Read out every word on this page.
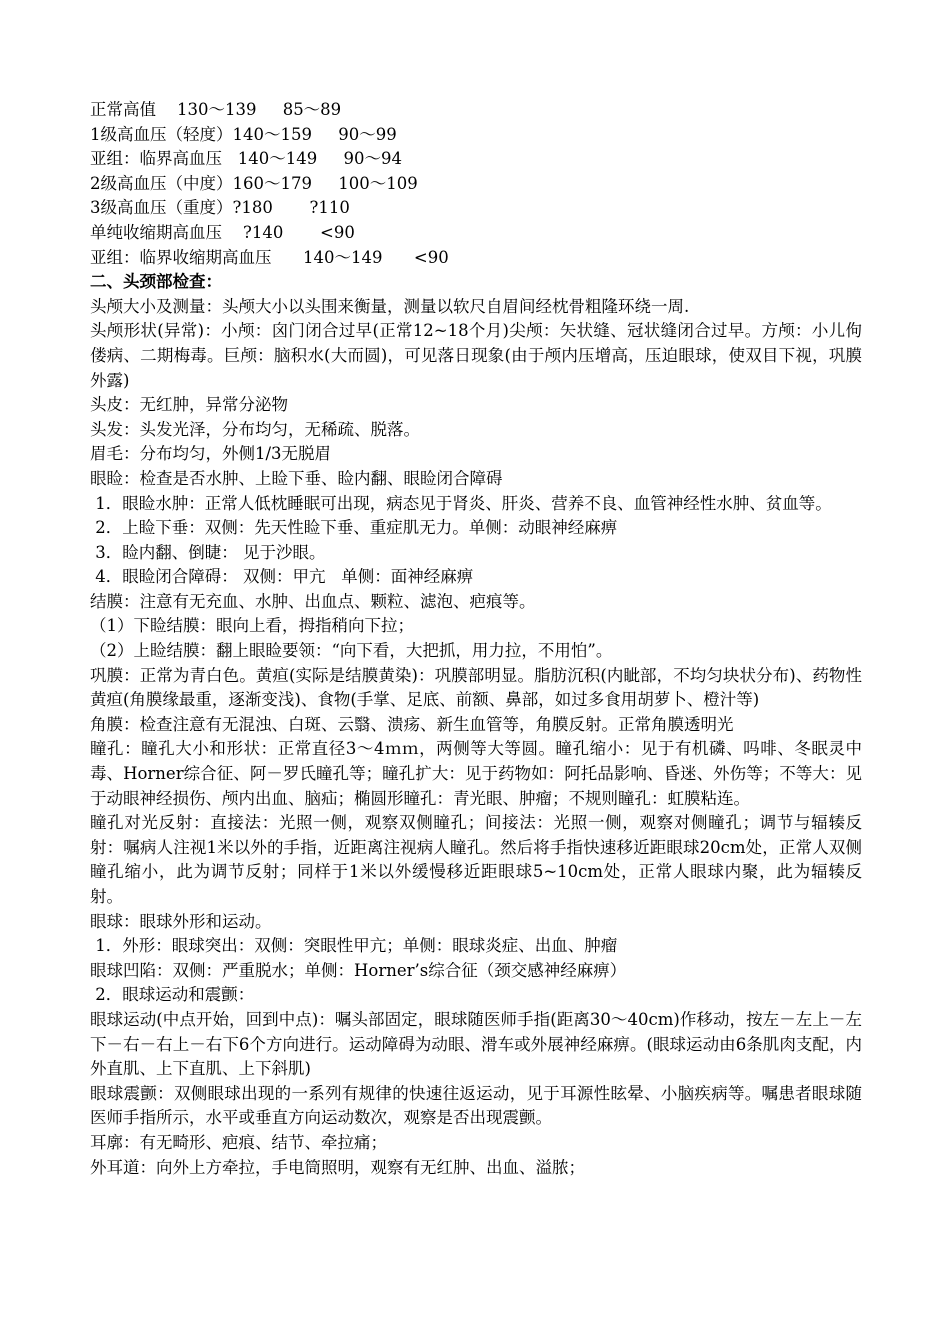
正常高值    130～139     85～89

1级高血压（轻度）140～159     90～99

亚组：临界高血压   140～149     90～94

2级高血压（中度）160～179     100～109

3级高血压（重度）?180       ?110

单纯收缩期高血压    ?140       <90

亚组：临界收缩期高血压      140～149      <90

二、头颈部检查：

头颅大小及测量：头颅大小以头围来衡量，测量以软尺自眉间经枕骨粗隆环绕一周.

头颅形状(异常)：小颅：囟门闭合过早(正常12~18个月)尖颅：矢状缝、冠状缝闭合过早。方颅：小儿佝偻病、二期梅毒。巨颅：脑积水(大而圆)，可见落日现象(由于颅内压增高，压迫眼球，使双目下视，巩膜外露)

头皮：无红肿，异常分泌物

头发：头发光泽，分布均匀，无稀疏、脱落。

眉毛：分布均匀，外侧1/3无脱眉

眼睑：检查是否水肿、上睑下垂、睑内翻、眼睑闭合障碍

1．眼睑水肿：正常人低枕睡眠可出现，病态见于肾炎、肝炎、营养不良、血管神经性水肿、贫血等。

2．上睑下垂：双侧：先天性睑下垂、重症肌无力。单侧：动眼神经麻痹

3．睑内翻、倒睫： 见于沙眼。

4．眼睑闭合障碍： 双侧：甲亢   单侧：面神经麻痹

结膜：注意有无充血、水肿、出血点、颗粒、滤泡、疤痕等。

（1）下睑结膜：眼向上看，拇指稍向下拉；

（2）上睑结膜：翻上眼睑要领：“向下看，大把抓，用力拉，不用怕”。

巩膜：正常为青白色。黄疸(实际是结膜黄染)：巩膜部明显。脂肪沉积(内眦部，不均匀块状分布)、药物性黄疸(角膜缘最重，逐渐变浅)、食物(手掌、足底、前额、鼻部，如过多食用胡萝卜、橙汁等)

角膜：检查注意有无混浊、白斑、云翳、溃疡、新生血管等，角膜反射。正常角膜透明光

瞳孔：瞳孔大小和形状：正常直径3～4ｍｍ，两侧等大等圆。瞳孔缩小：见于有机磷、吗啡、冬眠灵中毒、Horner综合征、阿－罗氏瞳孔等；瞳孔扩大：见于药物如：阿托品影响、昏迷、外伤等；不等大：见于动眼神经损伤、颅内出血、脑疝；椭圆形瞳孔：青光眼、肿瘤；不规则瞳孔：虹膜粘连。

瞳孔对光反射：直接法：光照一侧，观察双侧瞳孔；间接法：光照一侧，观察对侧瞳孔；调节与辐辏反射：嘱病人注视1米以外的手指，近距离注视病人瞳孔。然后将手指快速移近距眼球20cm处，正常人双侧瞳孔缩小，此为调节反射；同样于1米以外缓慢移近距眼球5~10cm处，正常人眼球内聚，此为辐辏反射。

眼球：眼球外形和运动。

1．外形：眼球突出：双侧：突眼性甲亢；单侧：眼球炎症、出血、肿瘤

眼球凹陷：双侧：严重脱水；单侧：Horner’s综合征（颈交感神经麻痹）

2．眼球运动和震颤：

眼球运动(中点开始，回到中点)：嘱头部固定，眼球随医师手指(距离30～40cm)作移动，按左－左上－左下－右－右上－右下6个方向进行。运动障碍为动眼、滑车或外展神经麻痹。(眼球运动由6条肌肉支配，内外直肌、上下直肌、上下斜肌)

眼球震颤：双侧眼球出现的一系列有规律的快速往返运动，见于耳源性眩晕、小脑疾病等。嘱患者眼球随医师手指所示，水平或垂直方向运动数次，观察是否出现震颤。

耳廓：有无畸形、疤痕、结节、牵拉痛；

外耳道：向外上方牵拉，手电筒照明，观察有无红肿、出血、溢脓；
